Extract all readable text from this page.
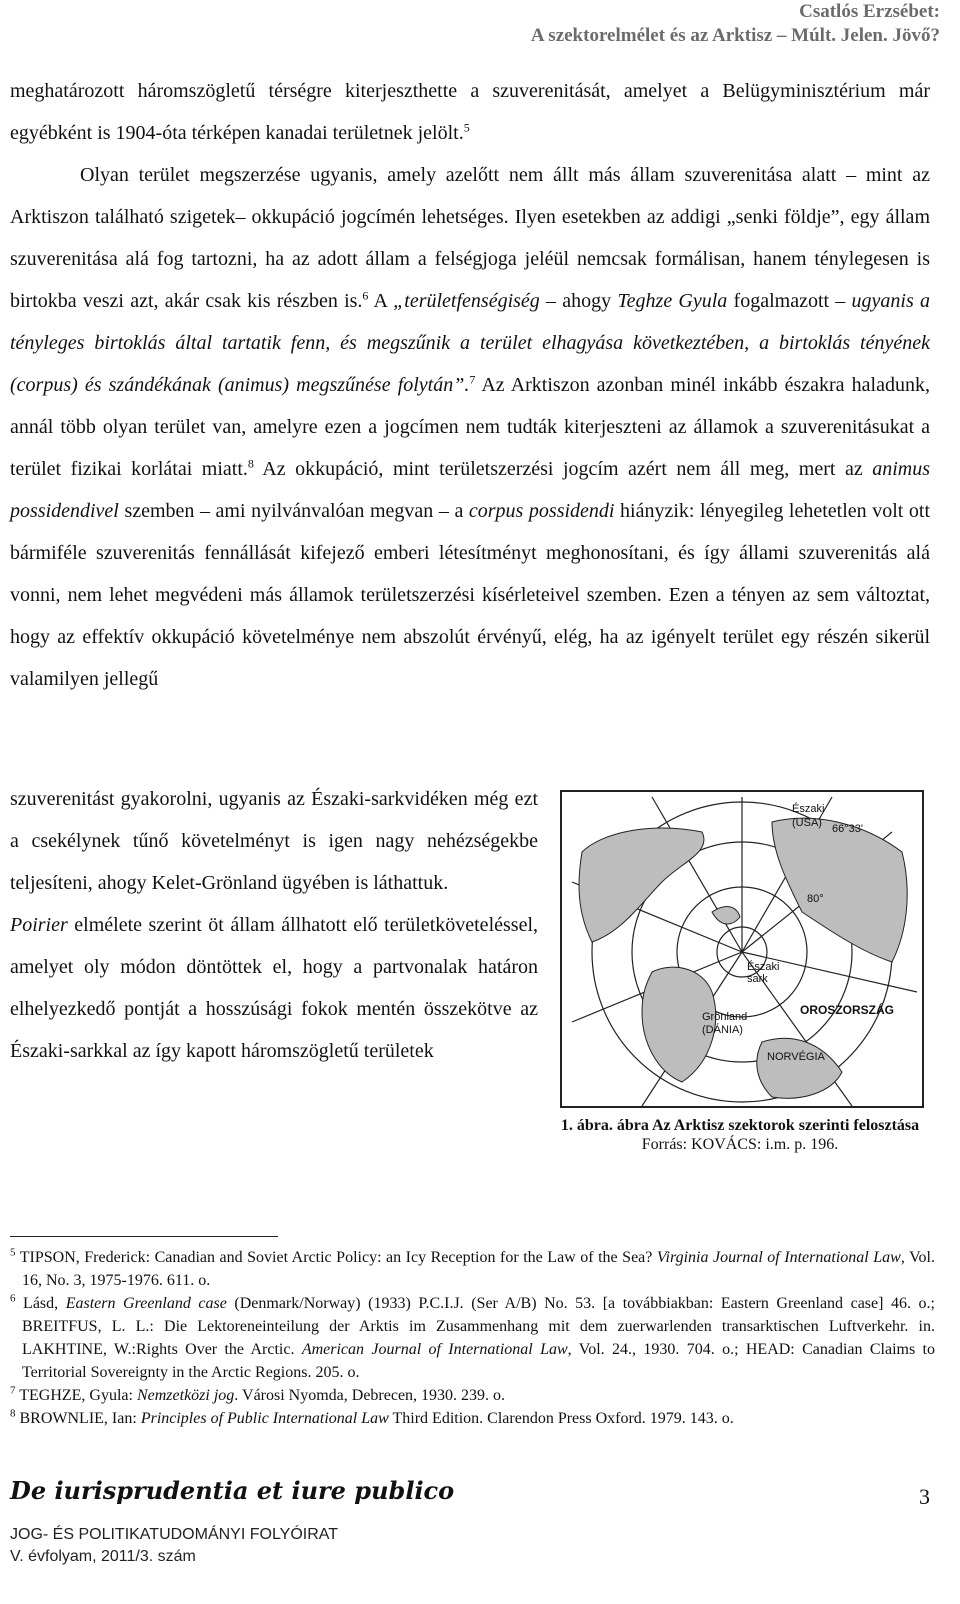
Csatlós Erzsébet:
A szektorelmélet és az Arktisz – Múlt. Jelen. Jövő?

meghatározott háromszögletű térségre kiterjeszthette a szuverenitását, amelyet a Belügyminisztérium már egyébként is 1904-óta térképen kanadai területnek jelölt.$^5$

Olyan terület megszerzése ugyanis, amely azelőtt nem állt más állam szuverenitása alatt – mint az Arktiszon található szigetek– okkupáció jogcímén lehetséges. Ilyen esetekben az addigi „senki földje”, egy állam szuverenitása alá fog tartozni, ha az adott állam a felségjoga jeléül nemcsak formálisan, hanem ténylegesen is birtokba veszi azt, akár csak kis részben is.$^6$ A „területfenségiség – ahogy Teghze Gyula fogalmazott – ugyanis a tényleges birtoklás által tartatik fenn, és megszűnik a terület elhagyása következtében, a birtoklás tényének (corpus) és szándékának (animus) megszűnése folytán”.$^7$ Az Arktiszon azonban minél inkább északra haladunk, annál több olyan terület van, amelyre ezen a jogcímen nem tudták kiterjeszteni az államok a szuverenitásukat a terület fizikai korlátai miatt.$^8$ Az okkupáció, mint területszerzési jogcím azért nem áll meg, mert az animus possidendivel szemben – ami nyilvánvalóan megvan – a corpus possidendi hiányzik: lényegileg lehetetlen volt ott bármiféle szuverenitás fennállását kifejező emberi létesítményt meghonosítani, és így állami szuverenitás alá vonni, nem lehet megvédeni más államok területszerzési kísérleteivel szemben. Ezen a tényen az sem változtat, hogy az effektív okkupáció követelménye nem abszolút érvényű, elég, ha az igényelt terület egy részén sikerül valamilyen jellegű

szuverenitást gyakorolni, ugyanis az Északi-sarkvidéken még ezt a csekélynek tűnő követelményt is igen nagy nehézségekbe teljesíteni, ahogy Kelet-Grönland ügyében is láthattuk.

Poirier elmélete szerint öt állam állhatott elő területköveteléssel, amelyet oly módon döntöttek el, hogy a partvonalak határon elhelyezkedő pontját a hosszúsági fokok mentén összekötve az Északi-sarkkal az így kapott háromszögletű területek

Északi
(USA) 66°33'
80°
Északi
sark
OROSZORSZÁG
Grönland
(DÁNIA)
NORVÉGIA
1. ábra. ábra Az Arktisz szektorok szerinti felosztása
Forrás: KOVÁCS: i.m. p. 196.

$^5$ TIPSON, Frederick: Canadian and Soviet Arctic Policy: an Icy Reception for the Law of the Sea? Virginia Journal of International Law, Vol. 16, No. 3, 1975-1976. 611. o.

$^6$ Lásd, Eastern Greenland case (Denmark/Norway) (1933) P.C.I.J. (Ser A/B) No. 53. [a továbbiakban: Eastern Greenland case] 46. o.; BREITFUS, L. L.: Die Lektoreneinteilung der Arktis im Zusammenhang mit dem zuerwarlenden transarktischen Luftverkehr. in. LAKHTINE, W.:Rights Over the Arctic. American Journal of International Law, Vol. 24., 1930. 704. o.; HEAD: Canadian Claims to Territorial Sovereignty in the Arctic Regions. 205. o.

$^7$ TEGHZE, Gyula: Nemzetközi jog. Városi Nyomda, Debrecen, 1930. 239. o.

$^8$ BROWNLIE, Ian: Principles of Public International Law Third Edition. Clarendon Press Oxford. 1979. 143. o.

De iurisprudentia et iure publico	3
JOG- ÉS POLITIKATUDOMÁNYI FOLYÓIRAT
V. évfolyam, 2011/3. szám
